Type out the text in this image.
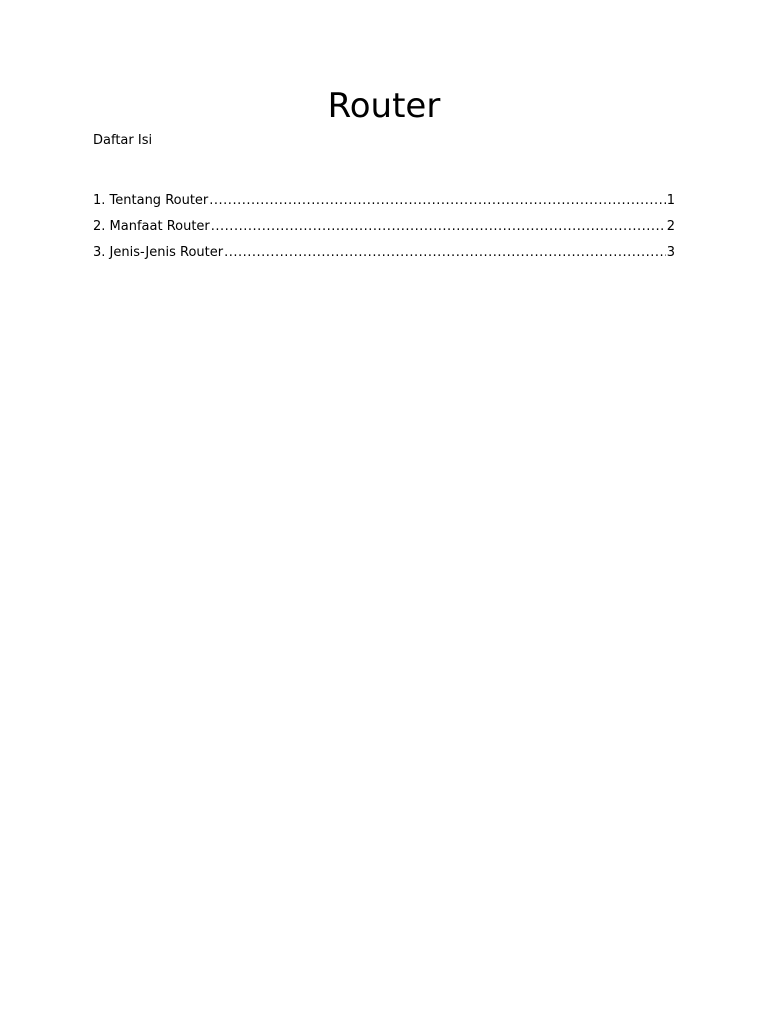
Router

Daftar Isi

1. Tentang Router .....	1
2. Manfaat Router .....	2
3. Jenis-Jenis Router .....	3
